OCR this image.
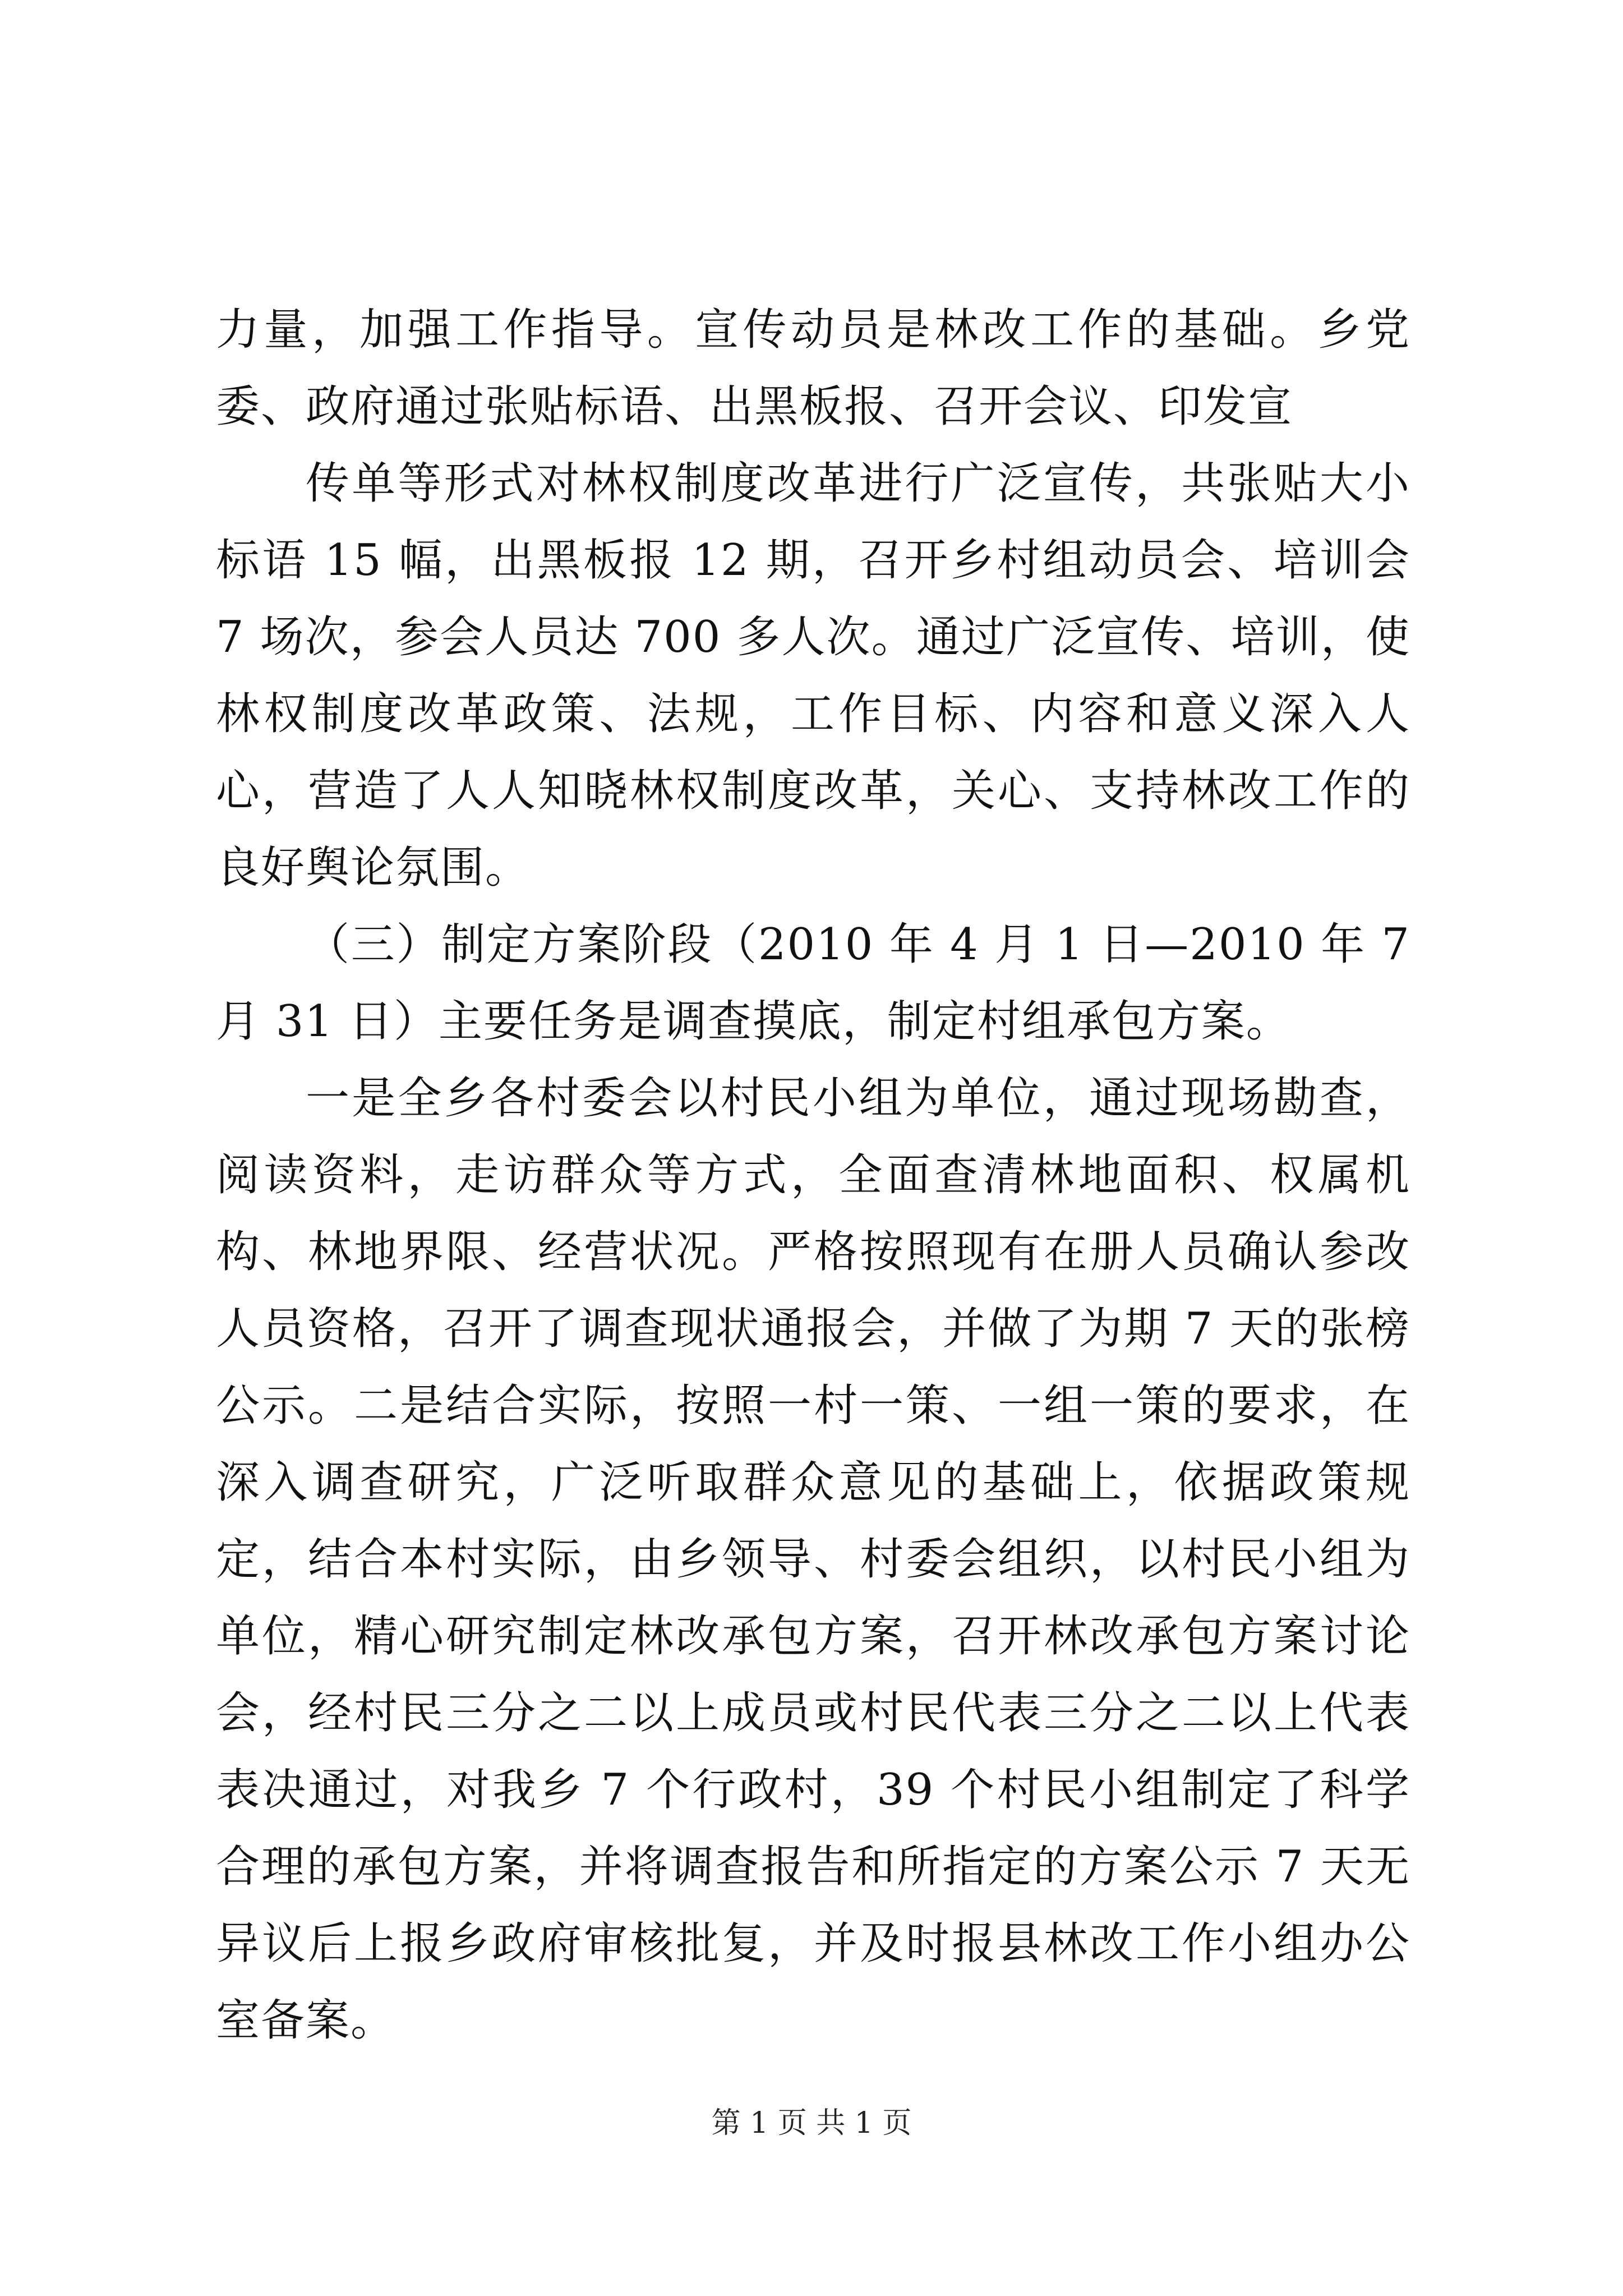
力量，加强工作指导。宣传动员是林改工作的基础。乡党委、政府通过张贴标语、出黑板报、召开会议、印发宣

传单等形式对林权制度改革进行广泛宣传，共张贴大小标语 15 幅，出黑板报 12 期，召开乡村组动员会、培训会 7 场次，参会人员达 700 多人次。通过广泛宣传、培训，使林权制度改革政策、法规，工作目标、内容和意义深入人心，营造了人人知晓林权制度改革，关心、支持林改工作的良好舆论氛围。

（三）制定方案阶段（2010 年 4 月 1 日—2010 年 7 月 31 日）主要任务是调查摸底，制定村组承包方案。

一是全乡各村委会以村民小组为单位，通过现场勘查，阅读资料，走访群众等方式，全面查清林地面积、权属机构、林地界限、经营状况。严格按照现有在册人员确认参改人员资格，召开了调查现状通报会，并做了为期 7 天的张榜公示。二是结合实际，按照一村一策、一组一策的要求，在深入调查研究，广泛听取群众意见的基础上，依据政策规定，结合本村实际，由乡领导、村委会组织，以村民小组为单位，精心研究制定林改承包方案，召开林改承包方案讨论会，经村民三分之二以上成员或村民代表三分之二以上代表表决通过，对我乡 7 个行政村，39 个村民小组制定了科学合理的承包方案，并将调查报告和所指定的方案公示 7 天无异议后上报乡政府审核批复，并及时报县林改工作小组办公室备案。

第 1 页 共 1 页
